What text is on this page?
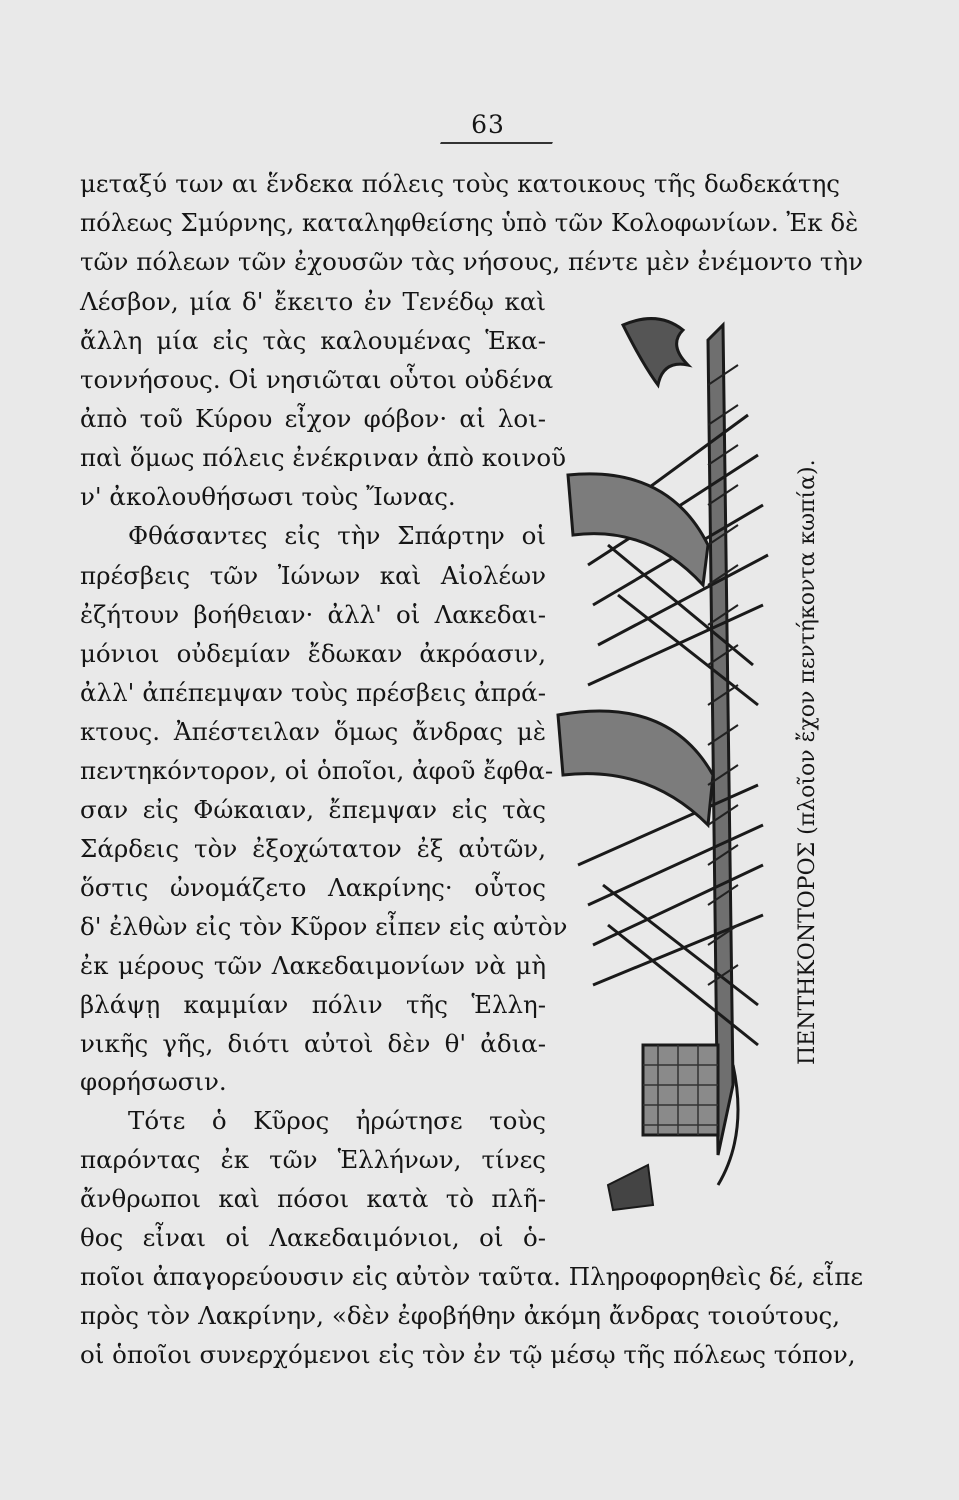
63
μεταξύ των αι ἕνδεκα πόλεις τοὺς κατοικους τῆς δωδεκάτης
πόλεως Σμύρνης, καταληφθείσης ὑπὸ τῶν Κολοφωνίων. Ἐκ δὲ
τῶν πόλεων τῶν ἐχουσῶν τὰς νήσους, πέντε μὲν ἐνέμοντο τὴν
Λέσβον, μία δ' ἔκειτο ἐν Τενέδῳ καὶ
ἄλλη μία εἰς τὰς καλουμένας Ἑκα-
τοννήσους. Οἱ νησιῶται οὗτοι οὐδένα
ἀπὸ τοῦ Κύρου εἶχον φόβον· αἱ λοι-
παὶ ὅμως πόλεις ἐνέκριναν ἀπὸ κοινοῦ
ν' ἀκολουθήσωσι τοὺς Ἴωνας.
Φθάσαντες εἰς τὴν Σπάρτην οἱ
πρέσβεις τῶν Ἰώνων καὶ Αἰολέων
ἐζήτουν βοήθειαν· ἀλλ' οἱ Λακεδαι-
μόνιοι οὐδεμίαν ἔδωκαν ἀκρόασιν,
ἀλλ' ἀπέπεμψαν τοὺς πρέσβεις ἀπρά-
κτους. Ἀπέστειλαν ὅμως ἄνδρας μὲ
πεντηκόντορον, οἱ ὁποῖοι, ἀφοῦ ἔφθα-
σαν εἰς Φώκαιαν, ἔπεμψαν εἰς τὰς
Σάρδεις τὸν ἐξοχώτατον ἐξ αὐτῶν,
ὅστις ὠνομάζετο Λακρίνης· οὗτος
δ' ἐλθὼν εἰς τὸν Κῦρον εἶπεν εἰς αὐτὸν
ἐκ μέρους τῶν Λακεδαιμονίων νὰ μὴ
βλάψῃ καμμίαν πόλιν τῆς Ἑλλη-
νικῆς γῆς, διότι αὐτοὶ δὲν θ' ἀδια-
φορήσωσιν.
Τότε ὁ Κῦρος ἠρώτησε τοὺς
παρόντας ἐκ τῶν Ἑλλήνων, τίνες
ἄνθρωποι καὶ πόσοι κατὰ τὸ πλῆ-
θος εἶναι οἱ Λακεδαιμόνιοι, οἱ ὁ-
ποῖοι ἀπαγορεύουσιν εἰς αὐτὸν ταῦτα. Πληροφορηθεὶς δέ, εἶπε
πρὸς τὸν Λακρίνην, «δὲν ἐφοβήθην ἀκόμη ἄνδρας τοιούτους,
οἱ ὁποῖοι συνερχόμενοι εἰς τὸν ἐν τῷ μέσῳ τῆς πόλεως τόπον,
ΠΕΝΤΗΚΟΝΤΟΡΟΣ (πλοῖον ἔχον πεντήκοντα κωπία).
